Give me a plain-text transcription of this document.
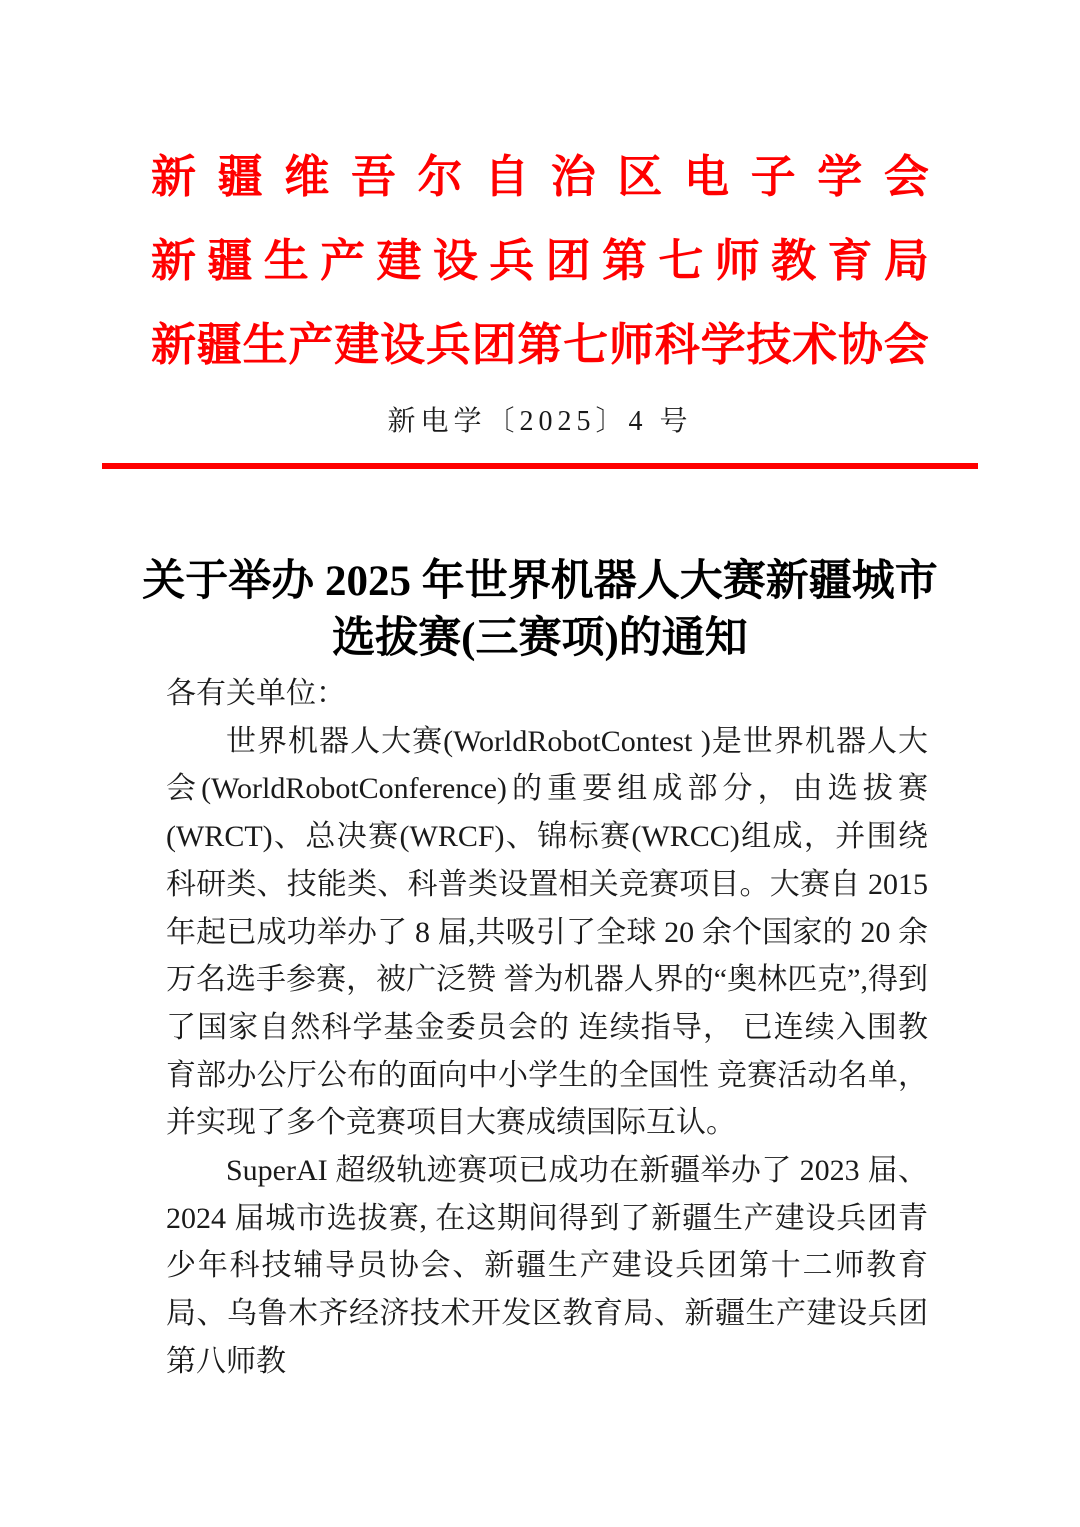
新 疆 维 吾 尔 自 治 区 电 子 学 会
新 疆 生 产 建 设 兵 团 第 七 师 教 育 局
新 疆 生 产 建 设 兵 团 第 七 师 科 学 技 术 协 会
新电学〔2025〕4 号
关于举办 2025 年世界机器人大赛新疆城市
选拔赛(三赛项)的通知

各有关单位：

世界机器人大赛(WorldRobotContest )是世界机器人大会(WorldRobotConference)的重要组成部分，由选拔赛(WRCT)、总决赛(WRCF)、锦标赛(WRCC)组成，并围绕科研类、技能类、科普类设置相关竞赛项目。大赛自 2015 年起已成功举办了 8 届,共吸引了全球 20 余个国家的 20 余万名选手参赛，被广泛赞 誉为机器人界的“奥林匹克”,得到了国家自然科学基金委员会的 连续指导， 已连续入围教育部办公厅公布的面向中小学生的全国性 竞赛活动名单，并实现了多个竞赛项目大赛成绩国际互认。

SuperAI 超级轨迹赛项已成功在新疆举办了 2023 届、2024 届城市选拔赛, 在这期间得到了新疆生产建设兵团青少年科技辅导员协会、新疆生产建设兵团第十二师教育局、乌鲁木齐经济技术开发区教育局、新疆生产建设兵团第八师教
